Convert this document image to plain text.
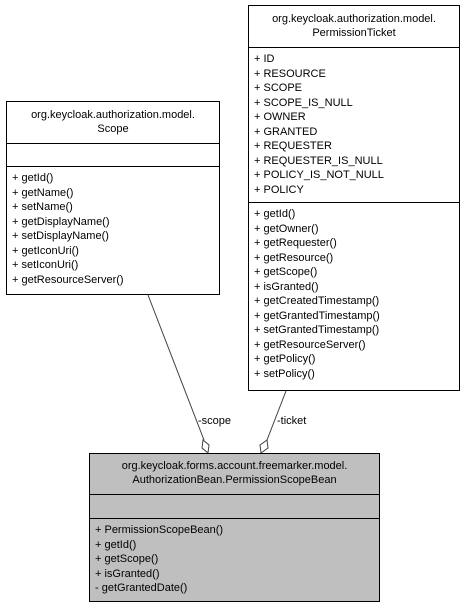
-scope	-ticket
org.keycloak.authorization.model.
Scope
+ getId()
+ getName()
+ setName()
+ getDisplayName()
+ setDisplayName()
+ getIconUri()
+ setIconUri()
+ getResourceServer()
org.keycloak.authorization.model.
PermissionTicket
+ ID
+ RESOURCE
+ SCOPE
+ SCOPE_IS_NULL
+ OWNER
+ GRANTED
+ REQUESTER
+ REQUESTER_IS_NULL
+ POLICY_IS_NOT_NULL
+ POLICY
+ getId()
+ getOwner()
+ getRequester()
+ getResource()
+ getScope()
+ isGranted()
+ getCreatedTimestamp()
+ getGrantedTimestamp()
+ setGrantedTimestamp()
+ getResourceServer()
+ getPolicy()
+ setPolicy()
org.keycloak.forms.account.freemarker.model.
AuthorizationBean.PermissionScopeBean
+ PermissionScopeBean()
+ getId()
+ getScope()
+ isGranted()
- getGrantedDate()
